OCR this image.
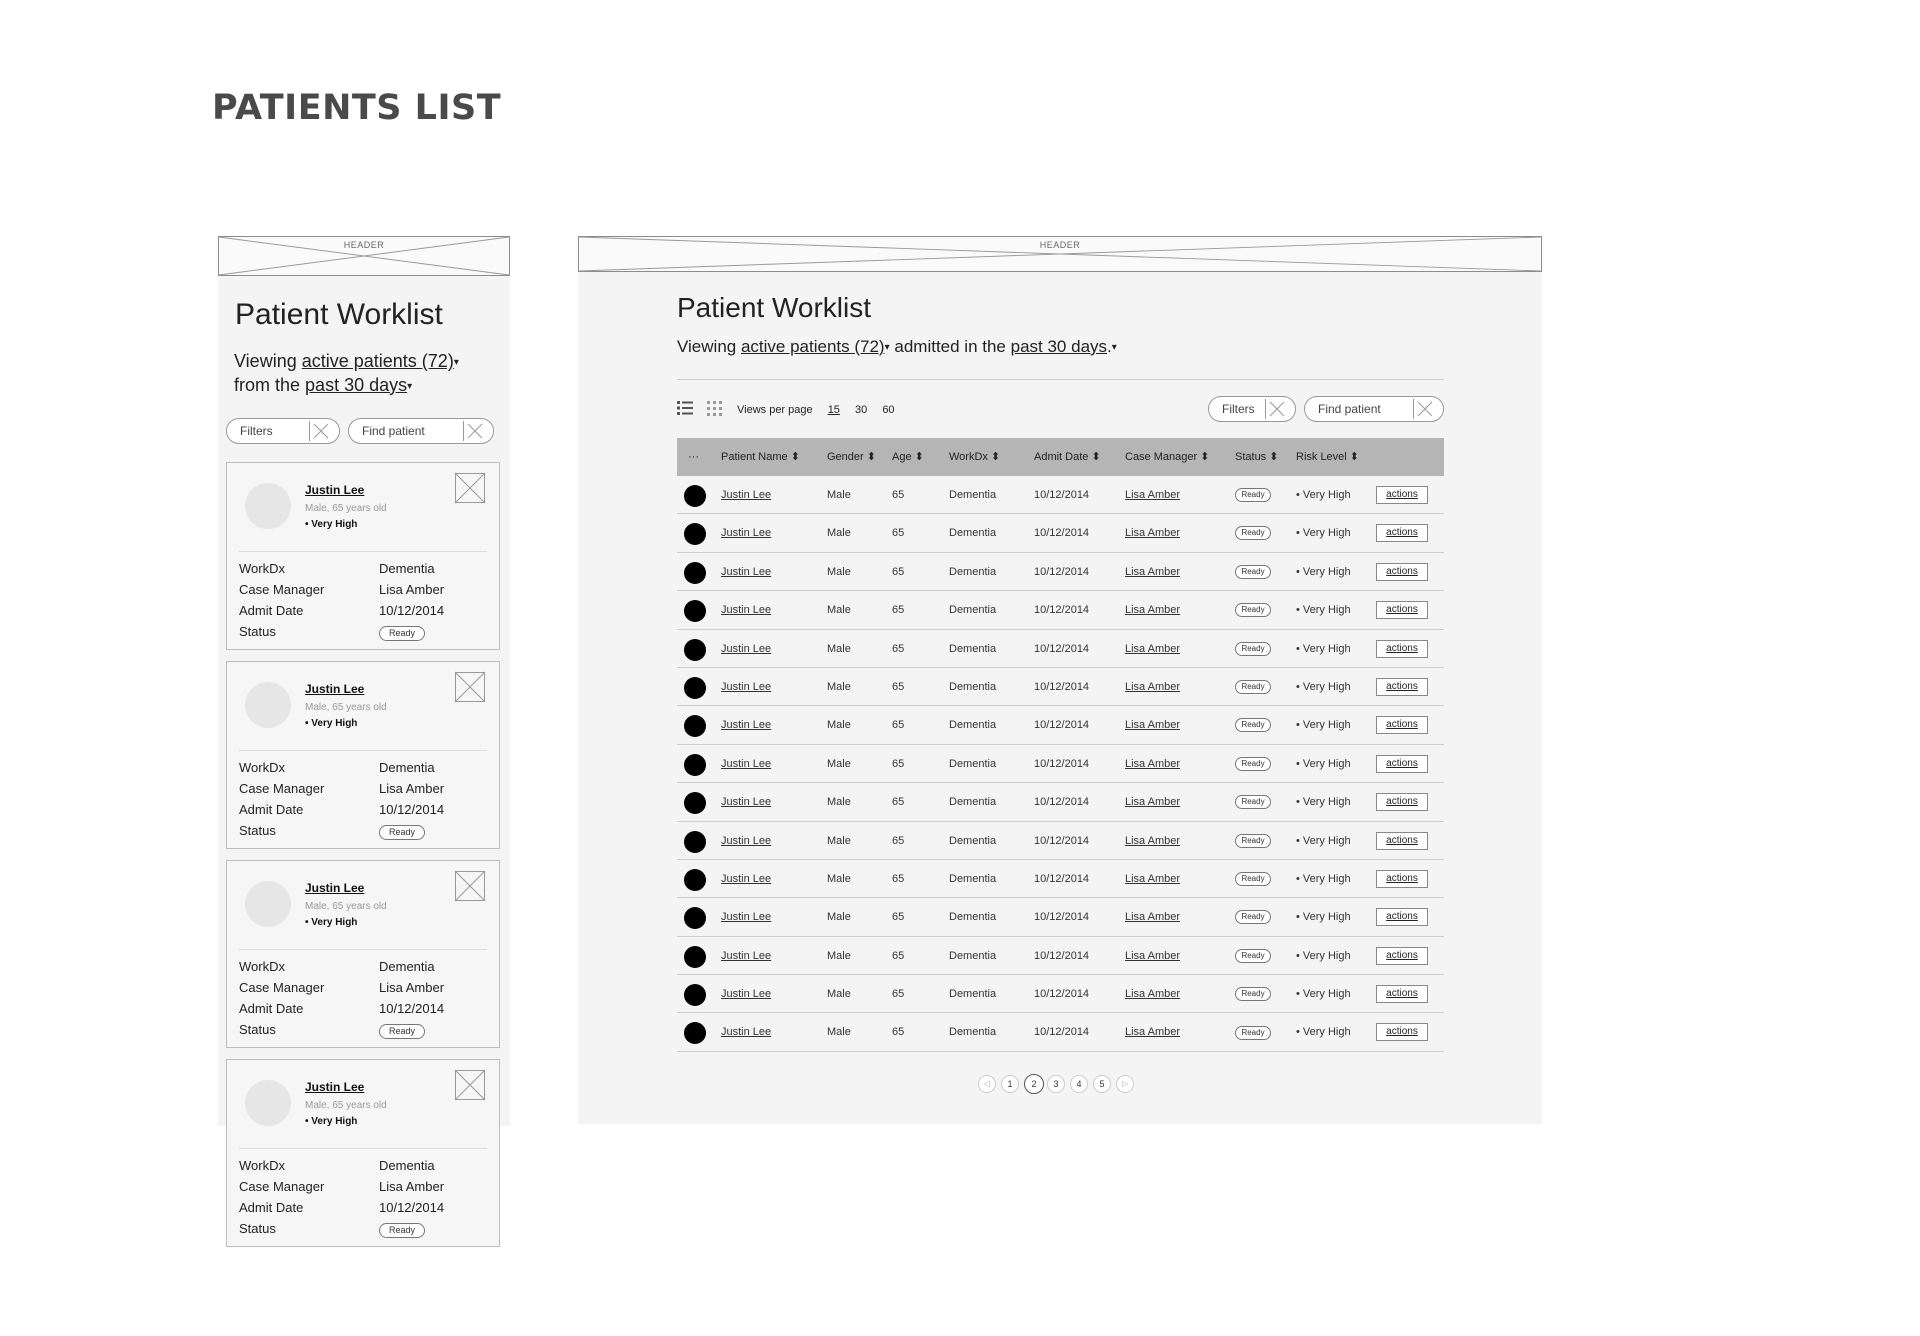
PATIENTS LIST
HEADER
Patient Worklist
Viewing active patients (72)▾
from the past 30 days▾
Filters	Find patient
Justin Lee
Male, 65 years old
• Very High
WorkDx	Dementia
Case Manager	Lisa Amber
Admit Date	10/12/2014
Status	Ready
Justin Lee
Male, 65 years old
• Very High
WorkDx	Dementia
Case Manager	Lisa Amber
Admit Date	10/12/2014
Status	Ready
Justin Lee
Male, 65 years old
• Very High
WorkDx	Dementia
Case Manager	Lisa Amber
Admit Date	10/12/2014
Status	Ready
Justin Lee
Male, 65 years old
• Very High
WorkDx	Dementia
Case Manager	Lisa Amber
Admit Date	10/12/2014
Status	Ready
HEADER
Patient Worklist
Viewing active patients (72)▾ admitted in the past 30 days.▾
Views per page 15 30 60	Filters	Find patient
··· Patient Name ⬍ Gender ⬍ Age ⬍ WorkDx ⬍	Admit Date ⬍ Case Manager ⬍ Status ⬍ Risk Level ⬍
Justin Lee	Male	65	Dementia	10/12/2014	Lisa Amber	Ready	• Very High	actions
Justin Lee	Male	65	Dementia	10/12/2014	Lisa Amber	Ready	• Very High	actions
Justin Lee	Male	65	Dementia	10/12/2014	Lisa Amber	Ready	• Very High	actions
Justin Lee	Male	65	Dementia	10/12/2014	Lisa Amber	Ready	• Very High	actions
Justin Lee	Male	65	Dementia	10/12/2014	Lisa Amber	Ready	• Very High	actions
Justin Lee	Male	65	Dementia	10/12/2014	Lisa Amber	Ready	• Very High	actions
Justin Lee	Male	65	Dementia	10/12/2014	Lisa Amber	Ready	• Very High	actions
Justin Lee	Male	65	Dementia	10/12/2014	Lisa Amber	Ready	• Very High	actions
Justin Lee	Male	65	Dementia	10/12/2014	Lisa Amber	Ready	• Very High	actions
Justin Lee	Male	65	Dementia	10/12/2014	Lisa Amber	Ready	• Very High	actions
Justin Lee	Male	65	Dementia	10/12/2014	Lisa Amber	Ready	• Very High	actions
Justin Lee	Male	65	Dementia	10/12/2014	Lisa Amber	Ready	• Very High	actions
Justin Lee	Male	65	Dementia	10/12/2014	Lisa Amber	Ready	• Very High	actions
Justin Lee	Male	65	Dementia	10/12/2014	Lisa Amber	Ready	• Very High	actions
Justin Lee	Male	65	Dementia	10/12/2014	Lisa Amber	Ready	• Very High	actions
◁	1	2	3	4	5	▷
